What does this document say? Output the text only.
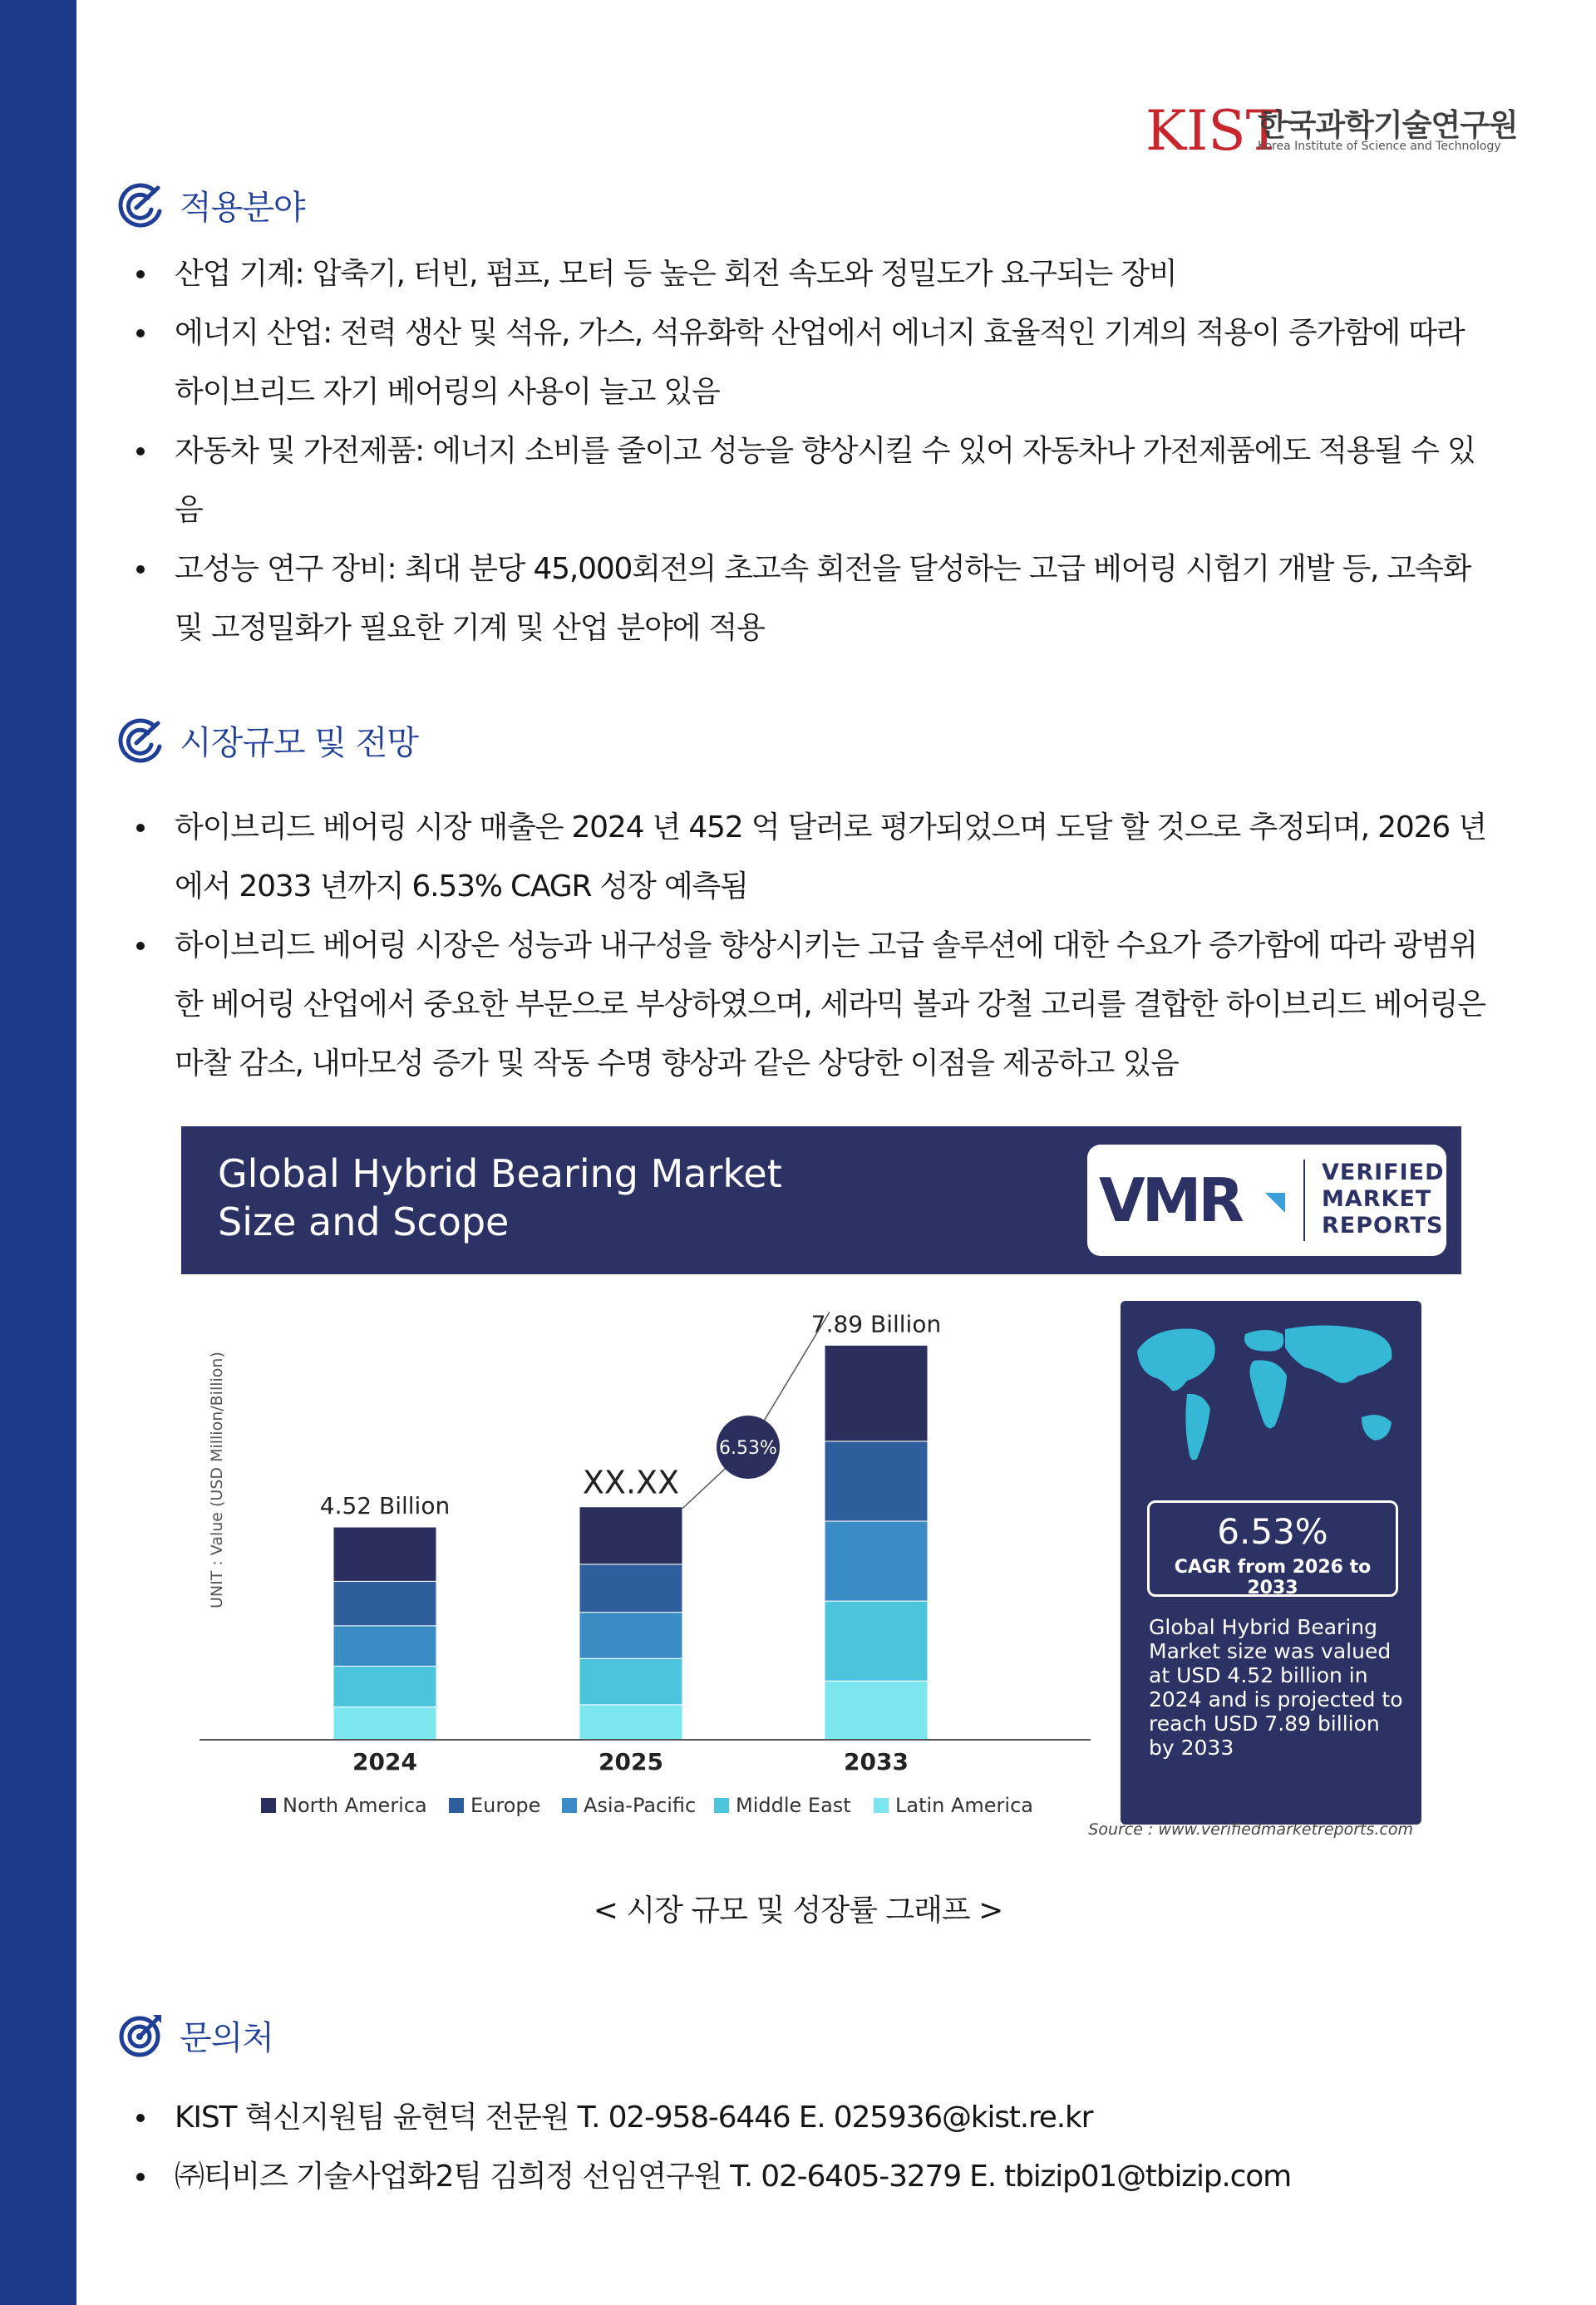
KIST
한국과학기술연구원
Korea Institute of Science and Technology
적용분야
산업 기계: 압축기, 터빈, 펌프, 모터 등 높은 회전 속도와 정밀도가 요구되는 장비
에너지 산업: 전력 생산 및 석유, 가스, 석유화학 산업에서 에너지 효율적인 기계의 적용이 증가함에 따라 하이브리드 자기 베어링의 사용이 늘고 있음
자동차 및 가전제품: 에너지 소비를 줄이고 성능을 향상시킬 수 있어 자동차나 가전제품에도 적용될 수 있음
고성능 연구 장비: 최대 분당 45,000회전의 초고속 회전을 달성하는 고급 베어링 시험기 개발 등, 고속화 및 고정밀화가 필요한 기계 및 산업 분야에 적용
시장규모 및 전망
하이브리드 베어링 시장 매출은 2024 년 452 억 달러로 평가되었으며 도달 할 것으로 추정되며, 2026 년에서 2033 년까지 6.53% CAGR 성장 예측됨
하이브리드 베어링 시장은 성능과 내구성을 향상시키는 고급 솔루션에 대한 수요가 증가함에 따라 광범위한 베어링 산업에서 중요한 부문으로 부상하였으며, 세라믹 볼과 강철 고리를 결합한 하이브리드 베어링은 마찰 감소, 내마모성 증가 및 작동 수명 향상과 같은 상당한 이점을 제공하고 있음
Global Hybrid Bearing Market
Size and Scope	VMR	VERIFIED
MARKET
REPORTS
UNIT : Value (USD Million/Billion)	4.52 Billion
2024
XX.XX
2025
7.89 Billion
2033
6.53%
North America Europe Asia-Pacific Middle East Latin America
6.53%
CAGR from 2026 to 2033
Global Hybrid Bearing Market size was valued at USD 4.52 billion in 2024 and is projected to reach USD 7.89 billion by 2033
Source : www.verifiedmarketreports.com
< 시장 규모 및 성장률 그래프 >
문의처
KIST 혁신지원팀 윤현덕 전문원 T. 02-958-6446 E. 025936@kist.re.kr
㈜티비즈 기술사업화2팀 김희정 선임연구원 T. 02-6405-3279 E. tbizip01@tbizip.com
